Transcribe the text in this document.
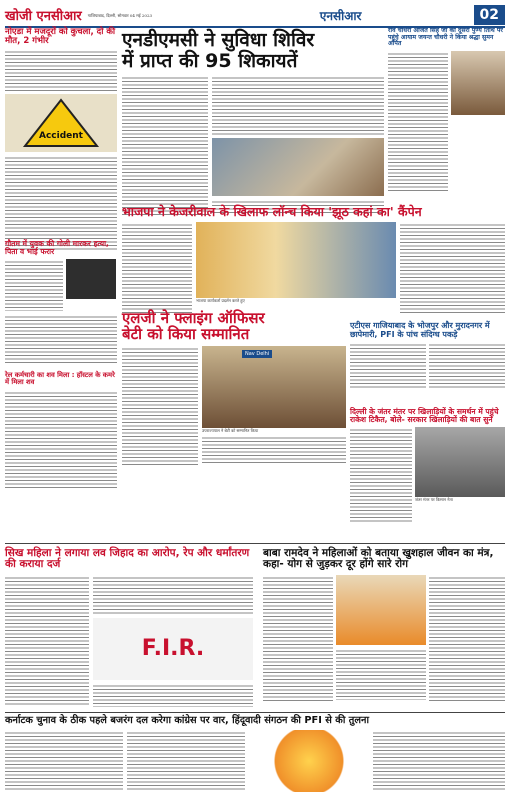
खोजी एनसीआर गाजियाबाद, दिल्ली, सोमवार 04 मई 2023	एनसीआर	02
नोएडा में मजदूरों को कुचला, दो की मौत, 2 गंभीर
Accident
एनडीएमसी ने सुविधा शिविर
में प्राप्त की 95 शिकायतें
रवि चौधरी अजित सिंह जी की दूसरी पुण्य तिथि पर पहुंचे आयाम जयन्त चौधरी ने किया श्रद्धा सुमन अर्पित
गौतम में युवक की गोली मारकर हत्या, पिता व भाई फरार
भाजपा ने केजरीवाल के खिलाफ लॉन्च किया 'झूठ कहां का' कैंपेन
भाजपा कार्यकर्ता प्रदर्शन करते हुए
रेल कर्मचारी का शव मिला : हॉस्टल के कमरे में मिला शव
एलजी ने फ्लाइंग ऑफिसर
बेटी को किया सम्मानित
Nav Delhi
उपराज्यपाल ने बेटी को सम्मानित किया
एटीएस गाजियाबाद के भोजपुर और मुरादनगर में छापेमारी, PFI के पांच संदिग्ध पकड़े
दिल्ली के जंतर मंतर पर खिलाड़ियों के समर्थन में पहुंचे राकेश टिकैत, बोले- सरकार खिलाड़ियों की बात सुने
जंतर मंतर पर किसान नेता
सिख महिला ने लगाया लव जिहाद का आरोप, रेप और धर्मांतरण की कराया दर्ज
F.I.R.
बाबा रामदेव ने महिलाओं को बताया खुशहाल जीवन का मंत्र, कहा- योग से जुड़कर दूर होंगे सारे रोग
कर्नाटक चुनाव के ठीक पहले बजरंग दल करेगा कांग्रेस पर वार, हिंदूवादी संगठन की PFI से की तुलना
